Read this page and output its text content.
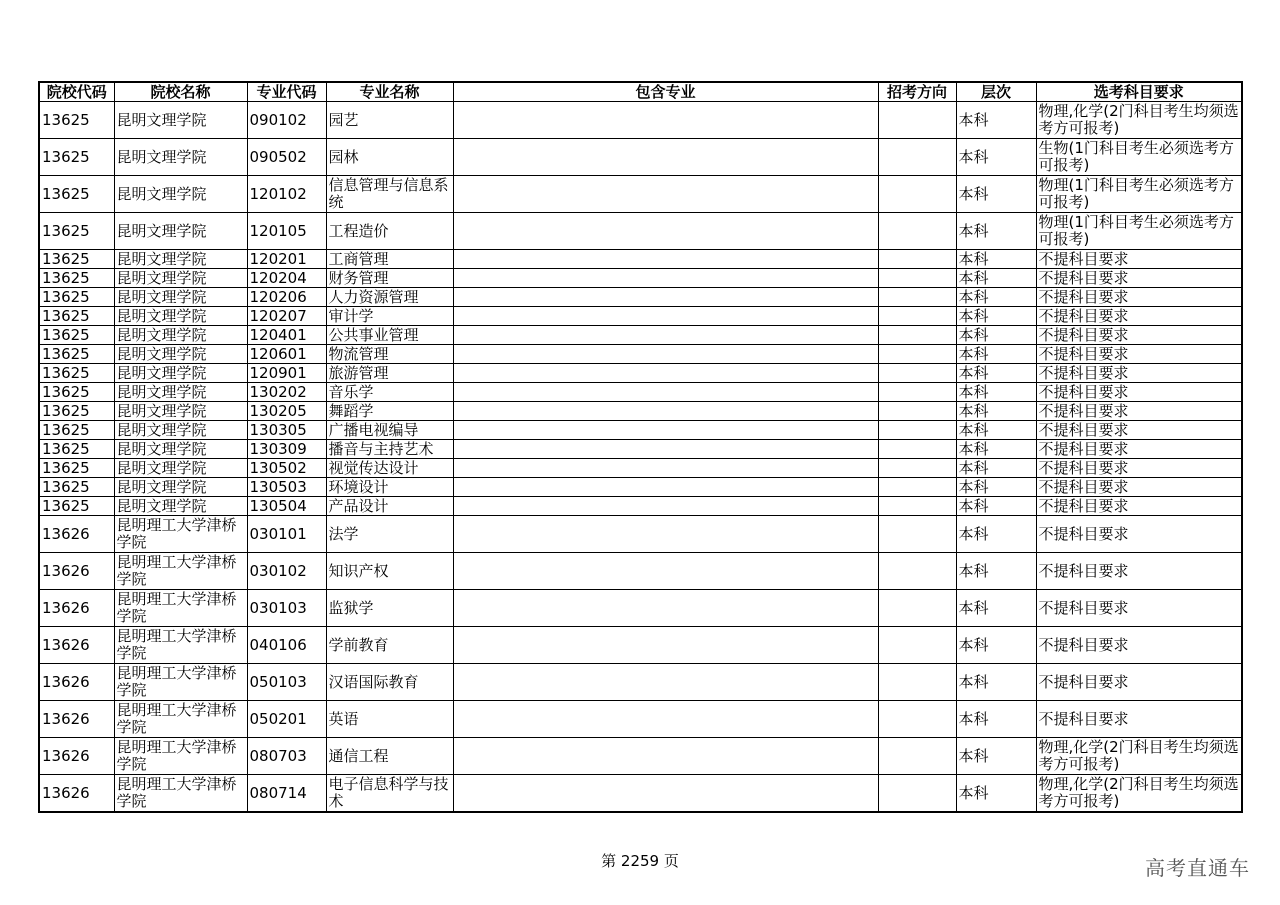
院校代码	院校名称	专业代码	专业名称	包含专业	招考方向	层次	选考科目要求
13625	昆明文理学院	090102	园艺			本科	物理,化学(2门科目考生均须选考方可报考)
13625	昆明文理学院	090502	园林			本科	生物(1门科目考生必须选考方可报考)
13625	昆明文理学院	120102	信息管理与信息系统			本科	物理(1门科目考生必须选考方可报考)
13625	昆明文理学院	120105	工程造价			本科	物理(1门科目考生必须选考方可报考)
13625	昆明文理学院	120201	工商管理			本科	不提科目要求
13625	昆明文理学院	120204	财务管理			本科	不提科目要求
13625	昆明文理学院	120206	人力资源管理			本科	不提科目要求
13625	昆明文理学院	120207	审计学			本科	不提科目要求
13625	昆明文理学院	120401	公共事业管理			本科	不提科目要求
13625	昆明文理学院	120601	物流管理			本科	不提科目要求
13625	昆明文理学院	120901	旅游管理			本科	不提科目要求
13625	昆明文理学院	130202	音乐学			本科	不提科目要求
13625	昆明文理学院	130205	舞蹈学			本科	不提科目要求
13625	昆明文理学院	130305	广播电视编导			本科	不提科目要求
13625	昆明文理学院	130309	播音与主持艺术			本科	不提科目要求
13625	昆明文理学院	130502	视觉传达设计			本科	不提科目要求
13625	昆明文理学院	130503	环境设计			本科	不提科目要求
13625	昆明文理学院	130504	产品设计			本科	不提科目要求
13626	昆明理工大学津桥学院	030101	法学			本科	不提科目要求
13626	昆明理工大学津桥学院	030102	知识产权			本科	不提科目要求
13626	昆明理工大学津桥学院	030103	监狱学			本科	不提科目要求
13626	昆明理工大学津桥学院	040106	学前教育			本科	不提科目要求
13626	昆明理工大学津桥学院	050103	汉语国际教育			本科	不提科目要求
13626	昆明理工大学津桥学院	050201	英语			本科	不提科目要求
13626	昆明理工大学津桥学院	080703	通信工程			本科	物理,化学(2门科目考生均须选考方可报考)
13626	昆明理工大学津桥学院	080714	电子信息科学与技术			本科	物理,化学(2门科目考生均须选考方可报考)
第 2259 页	高考直通车
